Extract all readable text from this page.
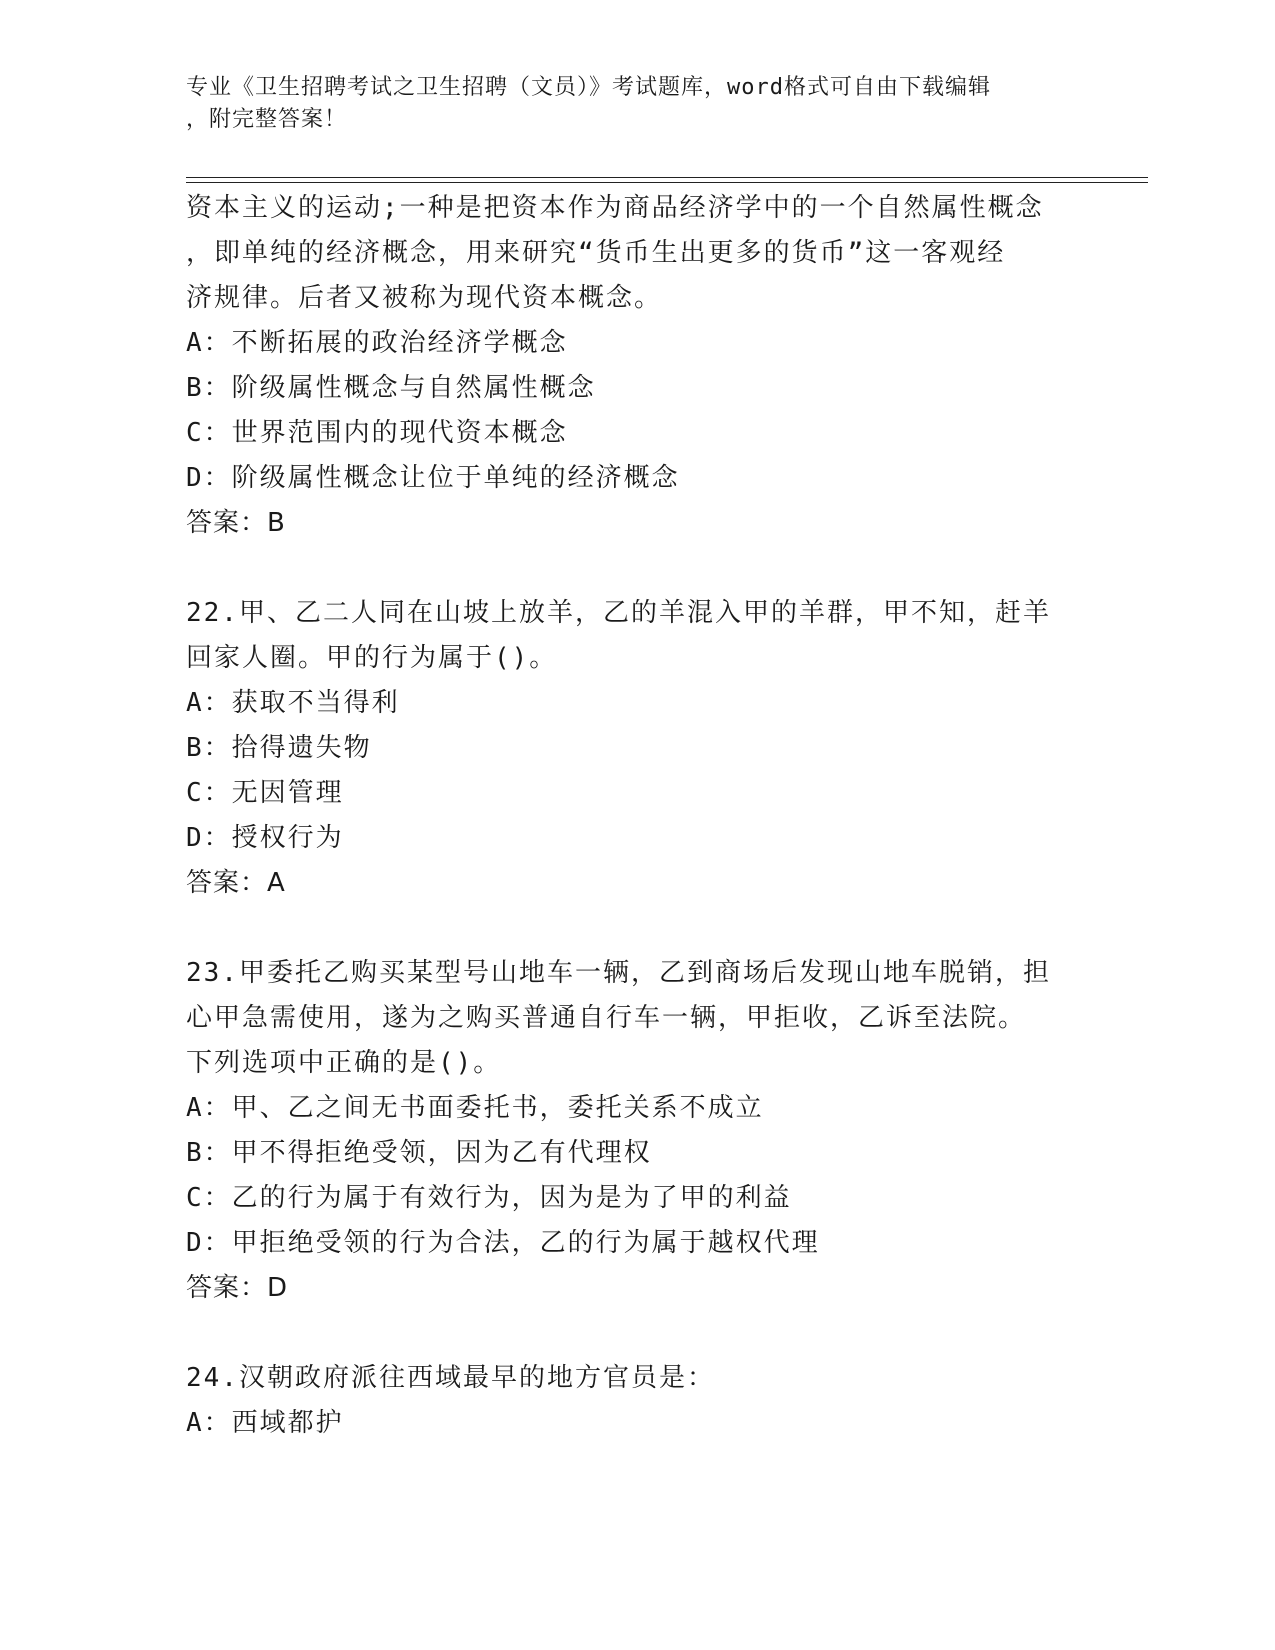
专业《卫生招聘考试之卫生招聘（文员）》考试题库，word格式可自由下载编辑
，附完整答案！
资本主义的运动;一种是把资本作为商品经济学中的一个自然属性概念
，即单纯的经济概念，用来研究“货币生出更多的货币”这一客观经
济规律。后者又被称为现代资本概念。
A：不断拓展的政治经济学概念
B：阶级属性概念与自然属性概念
C：世界范围内的现代资本概念
D：阶级属性概念让位于单纯的经济概念
答案：B
22.甲、乙二人同在山坡上放羊，乙的羊混入甲的羊群，甲不知，赶羊
回家人圈。甲的行为属于()。
A：获取不当得利
B：拾得遗失物
C：无因管理
D：授权行为
答案：A
23.甲委托乙购买某型号山地车一辆，乙到商场后发现山地车脱销，担
心甲急需使用，遂为之购买普通自行车一辆，甲拒收，乙诉至法院。
下列选项中正确的是()。
A：甲、乙之间无书面委托书，委托关系不成立
B：甲不得拒绝受领，因为乙有代理权
C：乙的行为属于有效行为，因为是为了甲的利益
D：甲拒绝受领的行为合法，乙的行为属于越权代理
答案：D
24.汉朝政府派往西域最早的地方官员是：
A：西域都护
